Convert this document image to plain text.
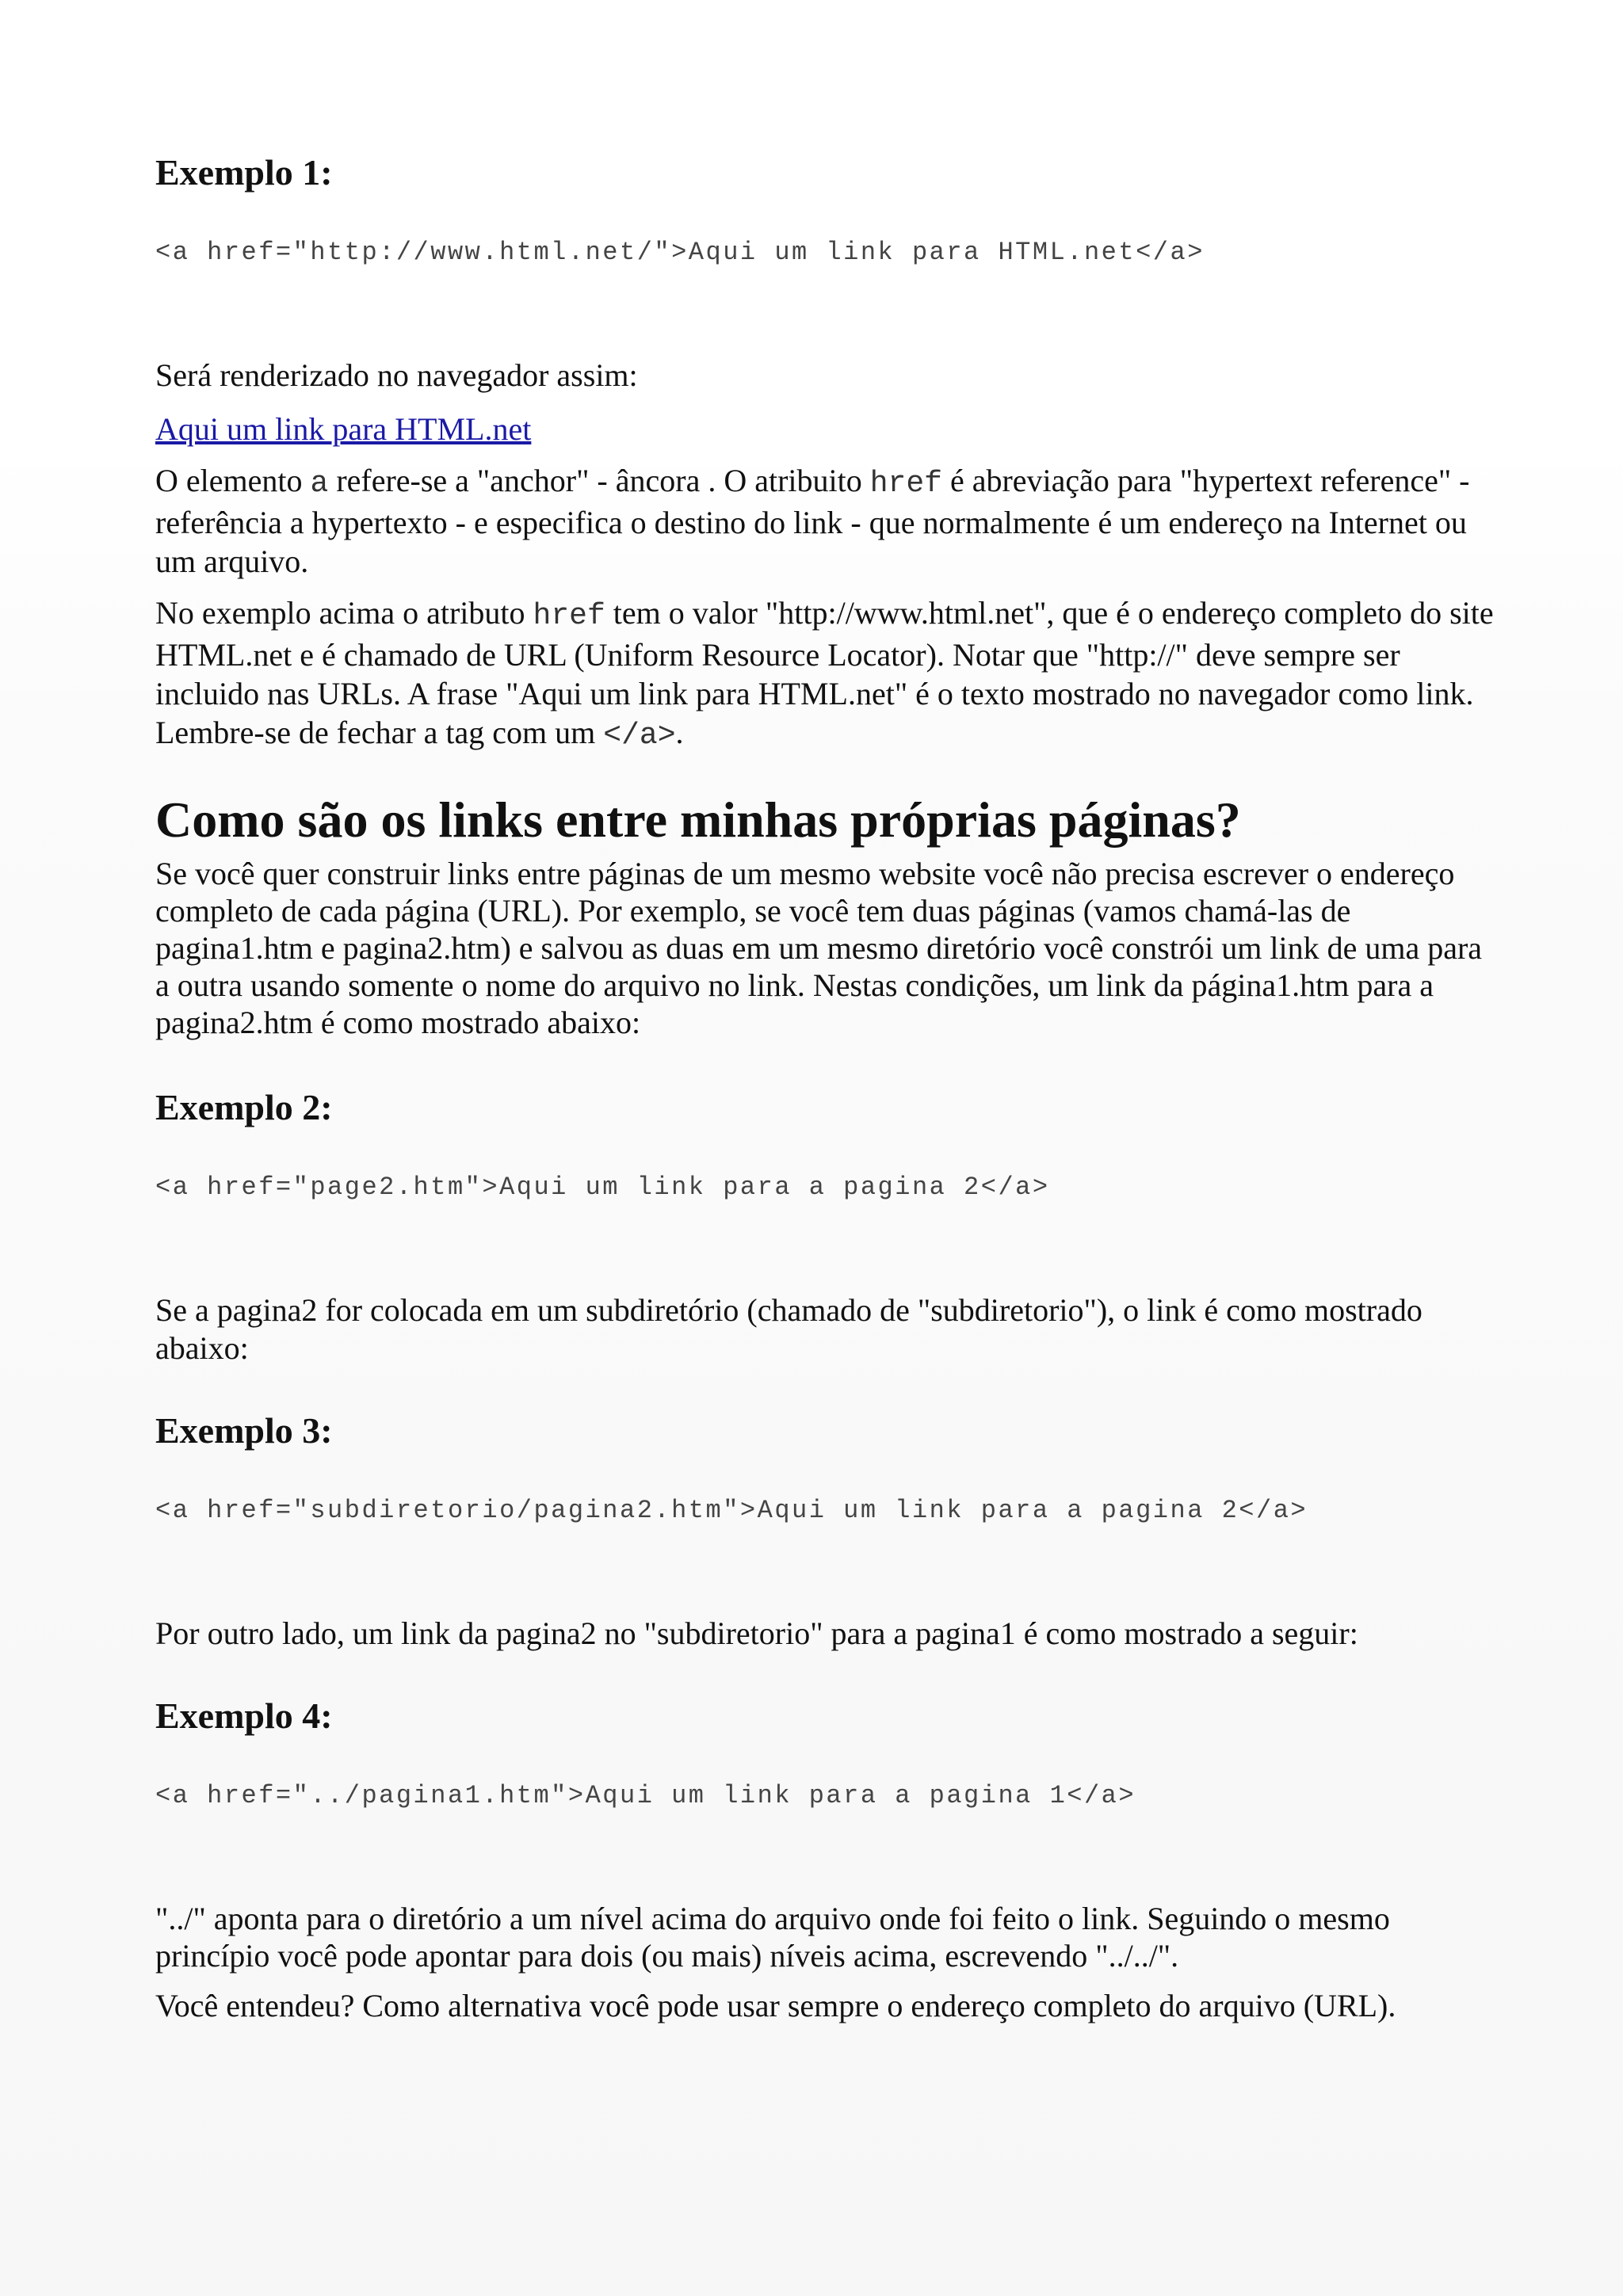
Exemplo 1:
<a href="http://www.html.net/">Aqui um link para HTML.net</a>

Será renderizado no navegador assim:

Aqui um link para HTML.net

O elemento a refere-se a "anchor" - âncora . O atribuito href é abreviação para "hypertext reference" - referência a hypertexto - e especifica o destino do link - que normalmente é um endereço na Internet ou um arquivo.

No exemplo acima o atributo href tem o valor "http://www.html.net", que é o endereço completo do site HTML.net e é chamado de URL (Uniform Resource Locator). Notar que "http://" deve sempre ser incluido nas URLs. A frase "Aqui um link para HTML.net" é o texto mostrado no navegador como link. Lembre-se de fechar a tag com um </a>.

Como são os links entre minhas próprias páginas?

Se você quer construir links entre páginas de um mesmo website você não precisa escrever o endereço completo de cada página (URL). Por exemplo, se você tem duas páginas (vamos chamá-las de pagina1.htm e pagina2.htm) e salvou as duas em um mesmo diretório você constrói um link de uma para a outra usando somente o nome do arquivo no link. Nestas condições, um link da página1.htm para a pagina2.htm é como mostrado abaixo:

Exemplo 2:
<a href="page2.htm">Aqui um link para a pagina 2</a>

Se a pagina2 for colocada em um subdiretório (chamado de "subdiretorio"), o link é como mostrado abaixo:

Exemplo 3:
<a href="subdiretorio/pagina2.htm">Aqui um link para a pagina 2</a>

Por outro lado, um link da pagina2 no "subdiretorio" para a pagina1 é como mostrado a seguir:

Exemplo 4:
<a href="../pagina1.htm">Aqui um link para a pagina 1</a>

"../" aponta para o diretório a um nível acima do arquivo onde foi feito o link. Seguindo o mesmo princípio você pode apontar para dois (ou mais) níveis acima, escrevendo "../../".

Você entendeu? Como alternativa você pode usar sempre o endereço completo do arquivo (URL).
